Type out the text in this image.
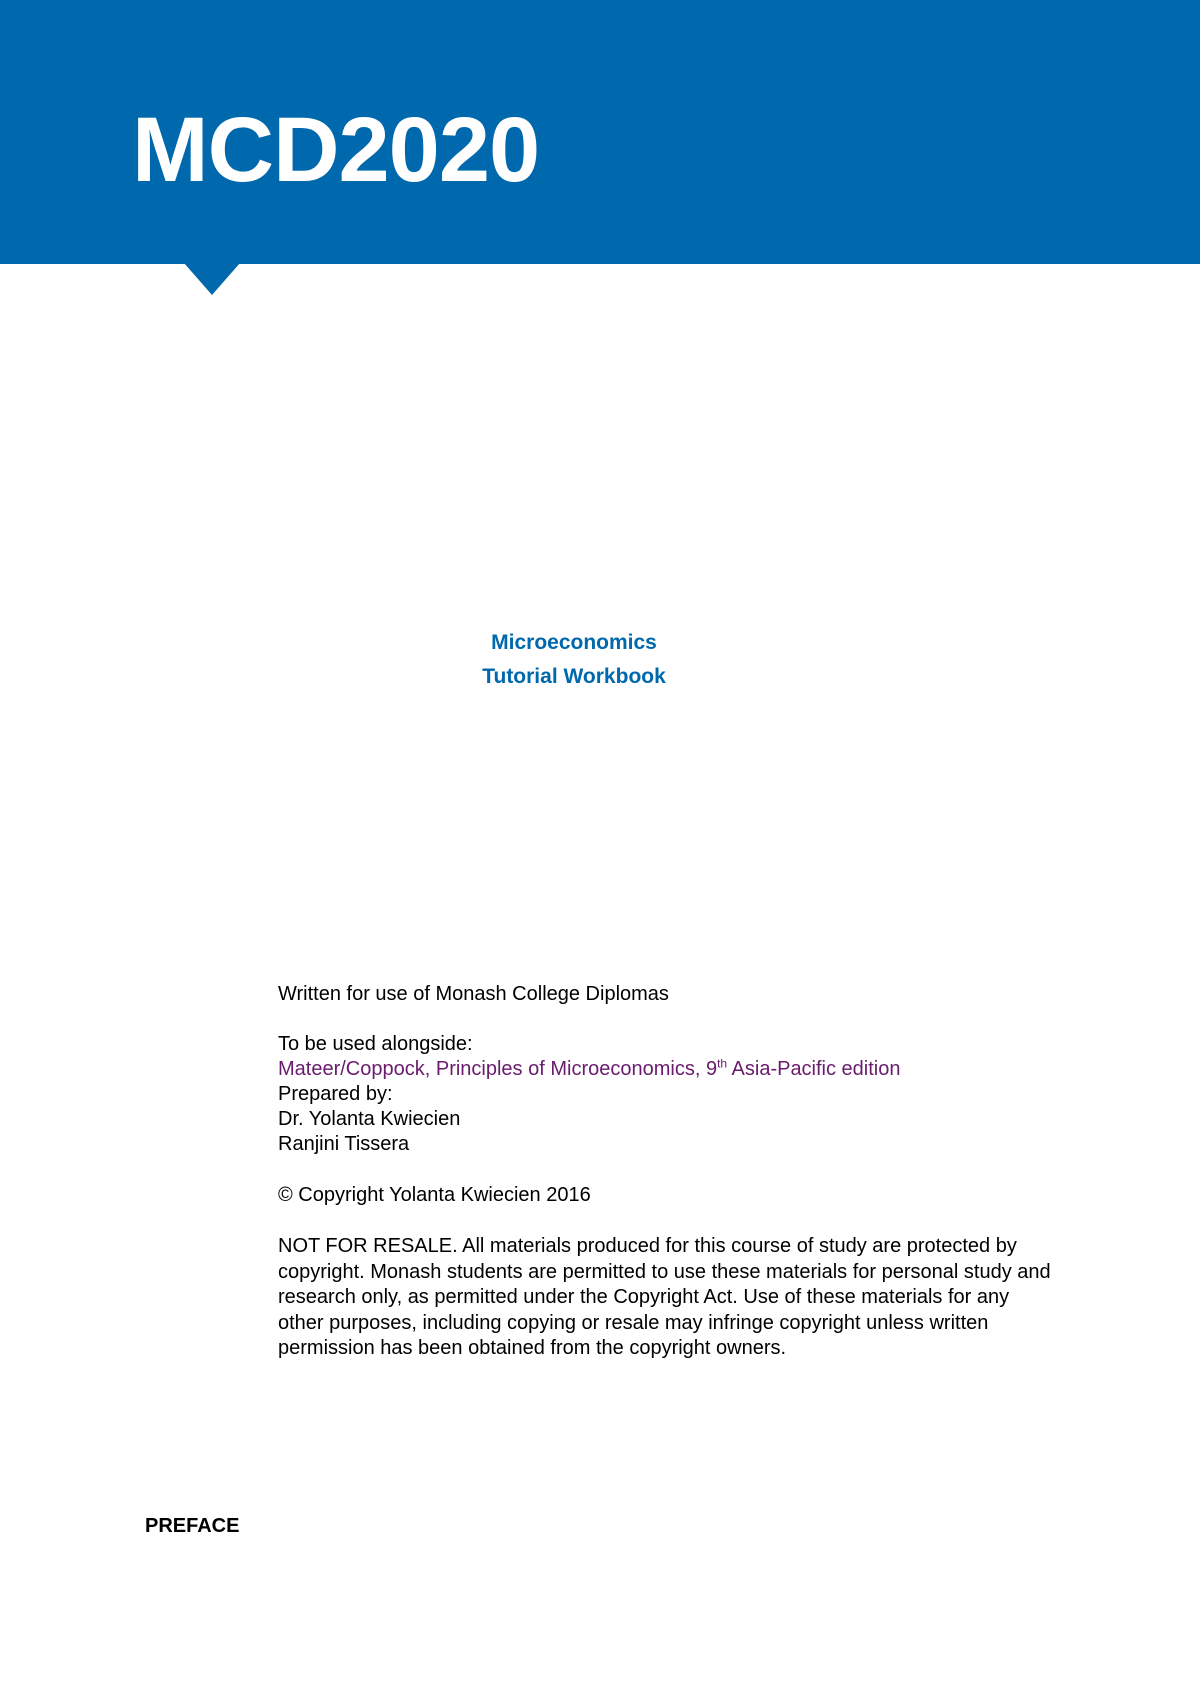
MCD2020
Microeconomics
Tutorial Workbook
Written for use of Monash College Diplomas
To be used alongside:
Mateer/Coppock, Principles of Microeconomics, 9th Asia-Pacific edition
Prepared by:
Dr. Yolanta Kwiecien
Ranjini Tissera
© Copyright Yolanta Kwiecien 2016
NOT FOR RESALE. All materials produced for this course of study are protected by copyright. Monash students are permitted to use these materials for personal study and research only, as permitted under the Copyright Act. Use of these materials for any other purposes, including copying or resale may infringe copyright unless written permission has been obtained from the copyright owners.
PREFACE
